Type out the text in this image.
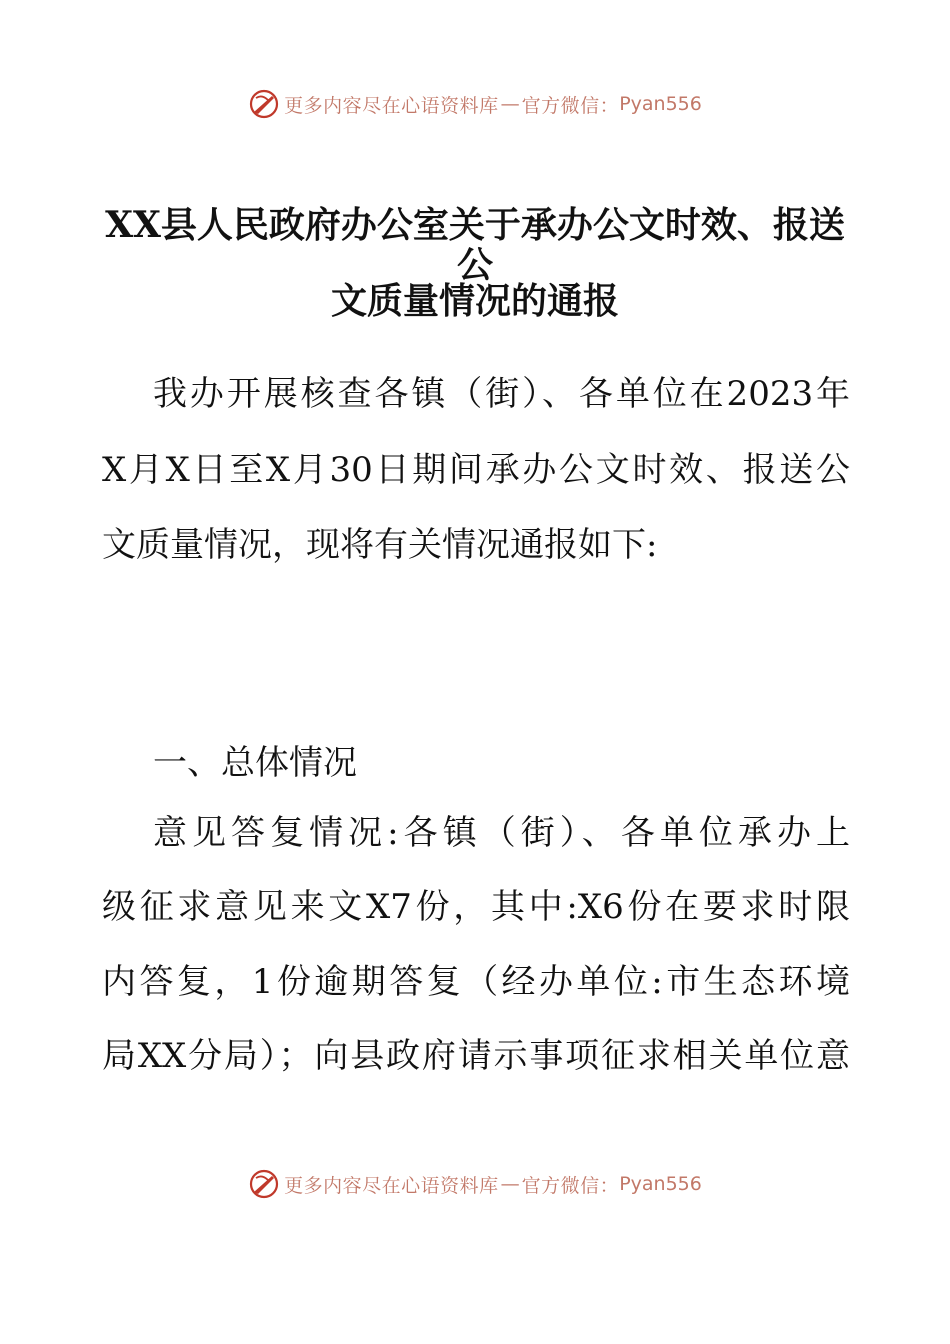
更多内容尽在心语资料库 — 官方微信： Pyan556
XX县人民政府办公室关于承办公文时效、报送公
文质量情况的通报
我办开展核查各镇（街）、各单位在2023年
X月X日至X月30日期间承办公文时效、报送公
文质量情况，现将有关情况通报如下:
一、总体情况
意见答复情况:各镇（街）、各单位承办上
级征求意见来文X7份，其中:X6份在要求时限
内答复，1份逾期答复（经办单位:市生态环境
局XX分局）；向县政府请示事项征求相关单位意
更多内容尽在心语资料库 — 官方微信： Pyan556
